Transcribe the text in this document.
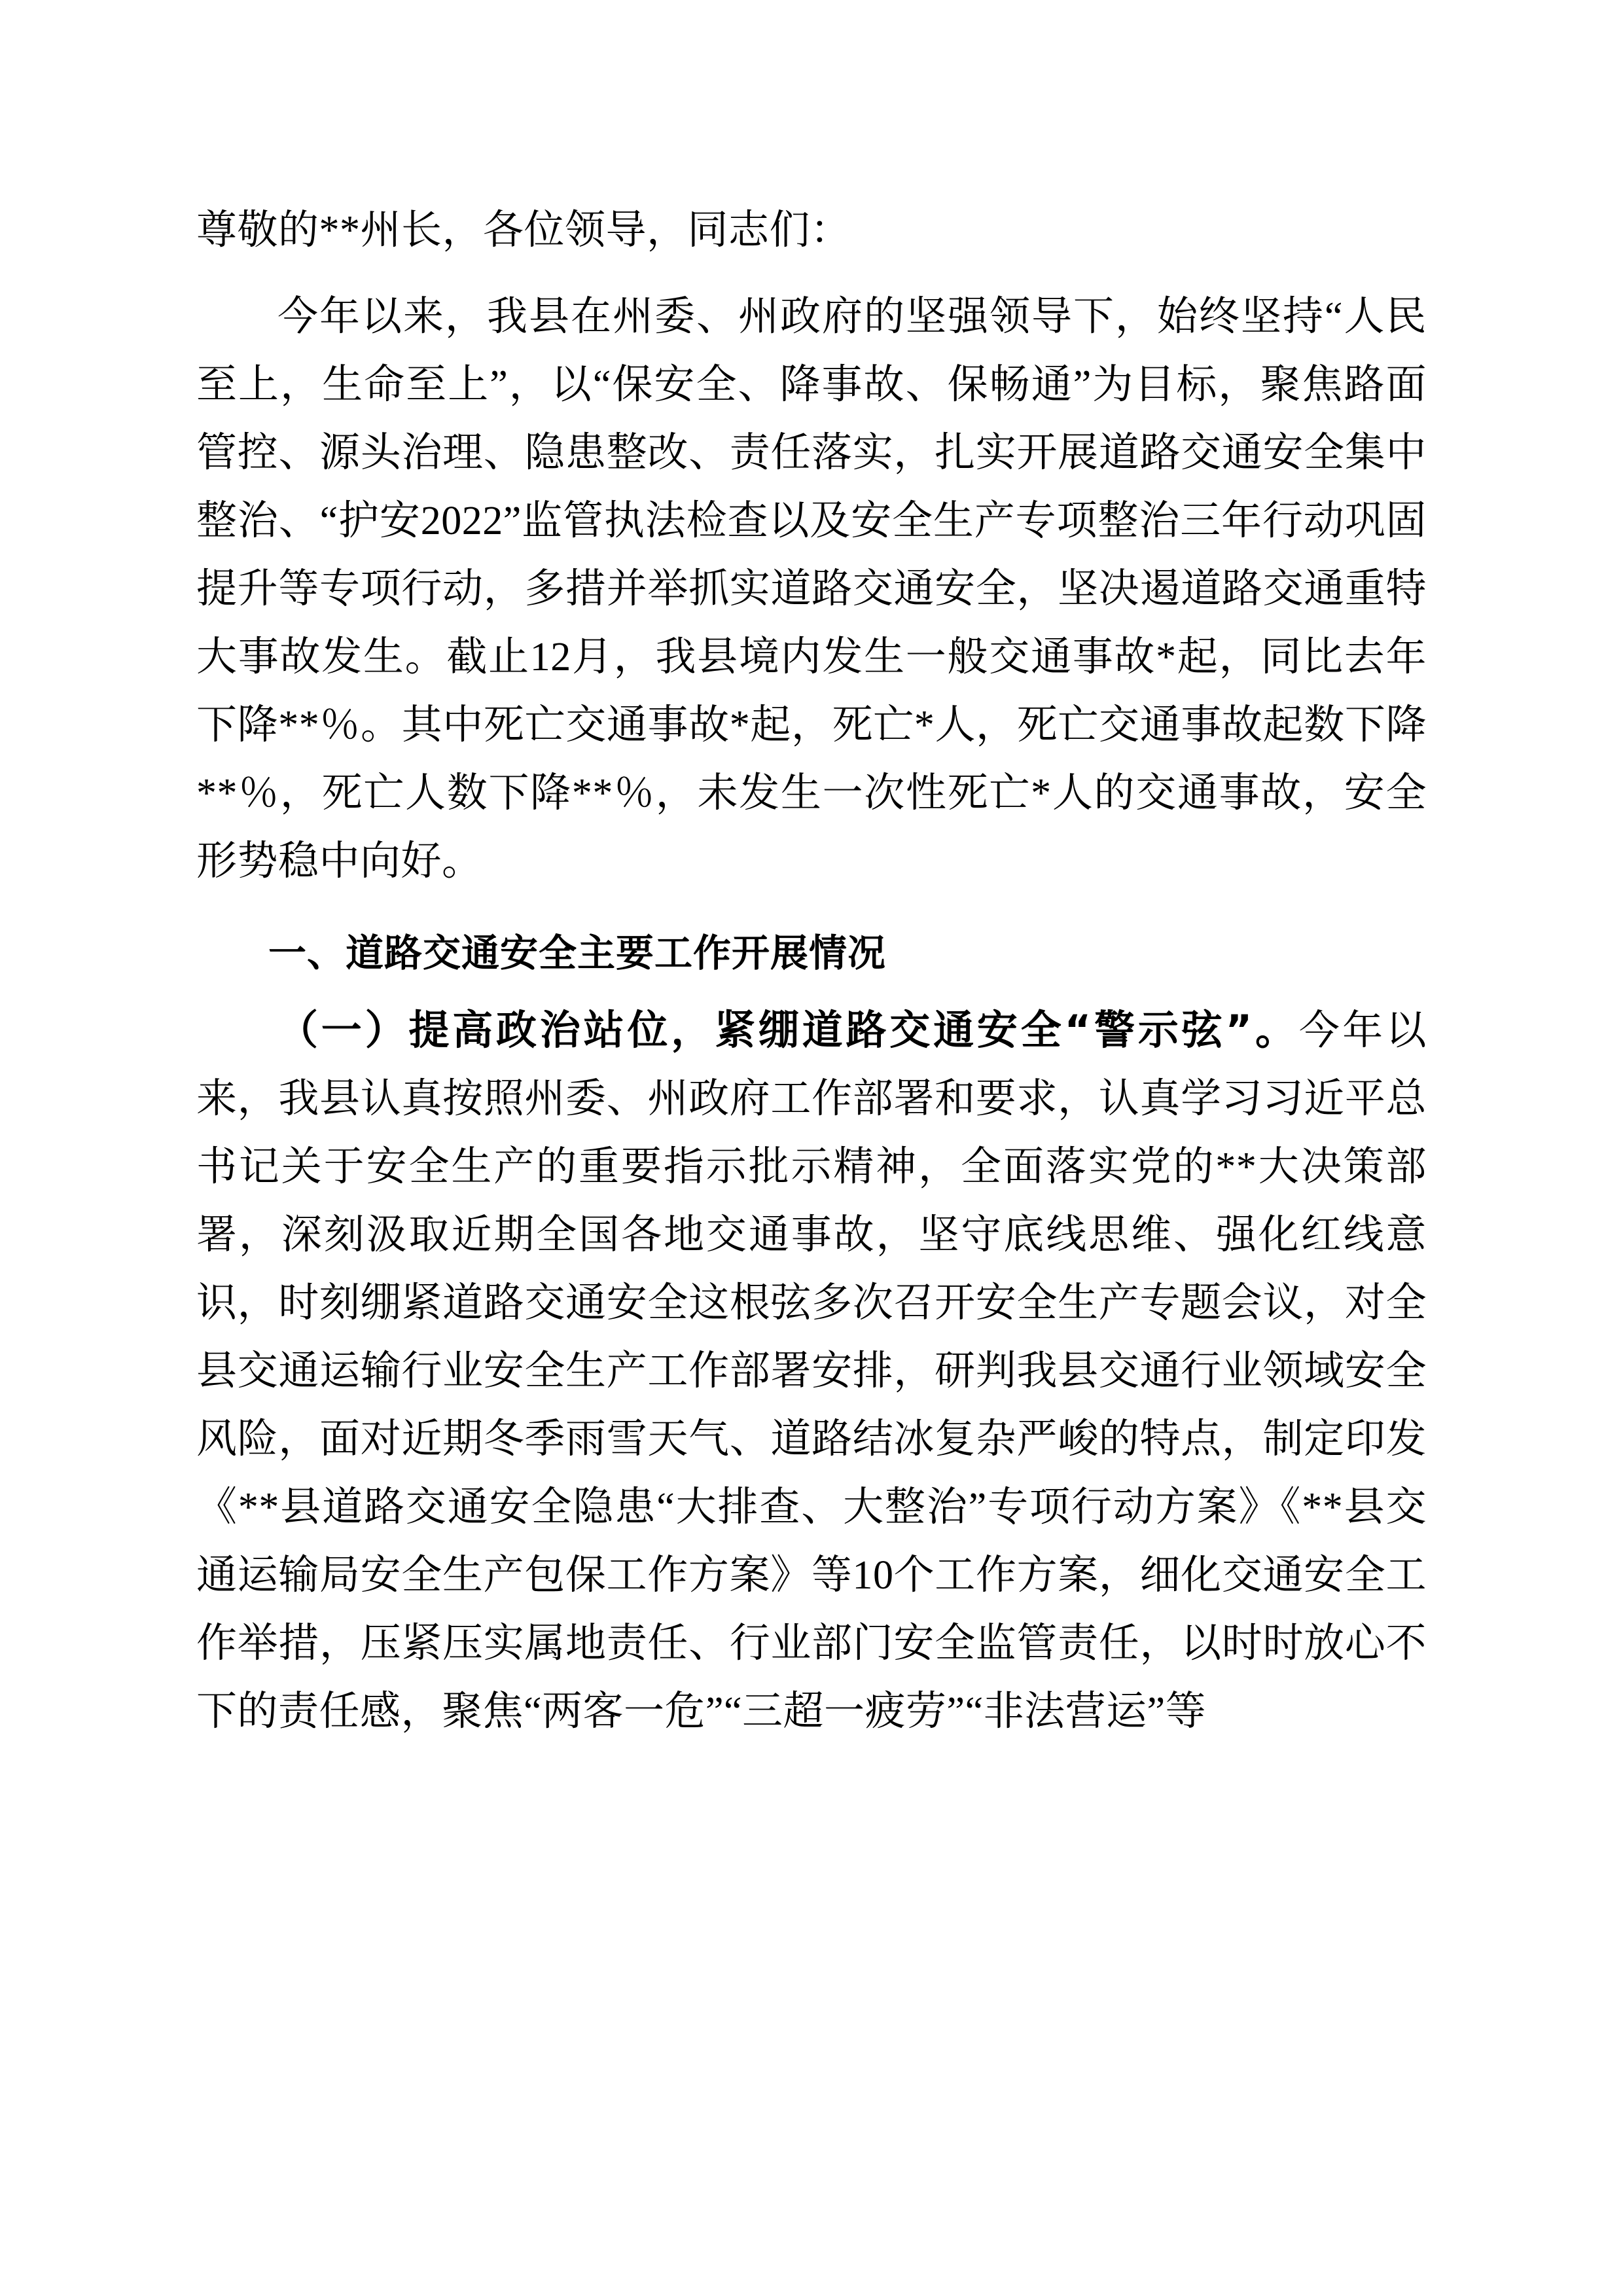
尊敬的**州长，各位领导，同志们：

今年以来，我县在州委、州政府的坚强领导下，始终坚持“人民至上，生命至上”，以“保安全、降事故、保畅通”为目标，聚焦路面管控、源头治理、隐患整改、责任落实，扎实开展道路交通安全集中整治、“护安2022”监管执法检查以及安全生产专项整治三年行动巩固提升等专项行动，多措并举抓实道路交通安全，坚决遏道路交通重特大事故发生。截止12月，我县境内发生一般交通事故*起，同比去年下降**％。其中死亡交通事故*起，死亡*人，死亡交通事故起数下降**％，死亡人数下降**％，未发生一次性死亡*人的交通事故，安全形势稳中向好。

一、道路交通安全主要工作开展情况

（一）提高政治站位，紧绷道路交通安全“警示弦”。今年以来，我县认真按照州委、州政府工作部署和要求，认真学习习近平总书记关于安全生产的重要指示批示精神，全面落实党的**大决策部署，深刻汲取近期全国各地交通事故，坚守底线思维、强化红线意识，时刻绷紧道路交通安全这根弦多次召开安全生产专题会议，对全县交通运输行业安全生产工作部署安排，研判我县交通行业领域安全风险，面对近期冬季雨雪天气、道路结冰复杂严峻的特点，制定印发《**县道路交通安全隐患“大排查、大整治”专项行动方案》《**县交通运输局安全生产包保工作方案》等10个工作方案，细化交通安全工作举措，压紧压实属地责任、行业部门安全监管责任，以时时放心不下的责任感，聚焦“两客一危”“三超一疲劳”“非法营运”等
